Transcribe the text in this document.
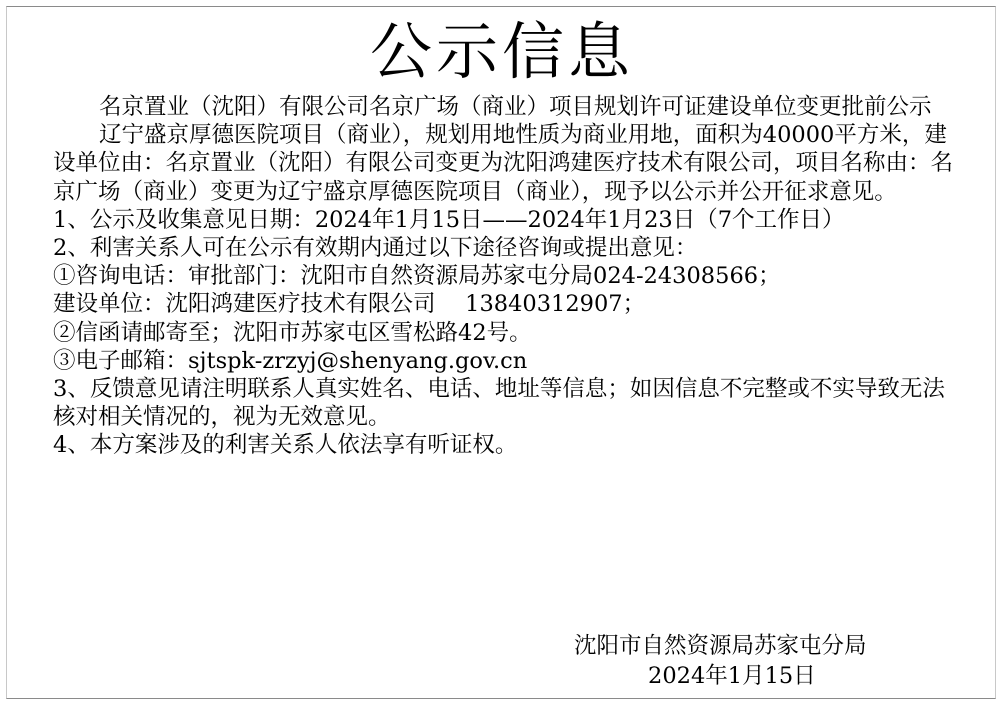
公示信息

名京置业（沈阳）有限公司名京广场（商业）项目规划许可证建设单位变更批前公示

辽宁盛京厚德医院项目（商业），规划用地性质为商业用地，面积为40000平方米，建设单位由：名京置业（沈阳）有限公司变更为沈阳鸿建医疗技术有限公司，项目名称由：名京广场（商业）变更为辽宁盛京厚德医院项目（商业），现予以公示并公开征求意见。

1、公示及收集意见日期：2024年1月15日——2024年1月23日（7个工作日）

2、利害关系人可在公示有效期内通过以下途径咨询或提出意见：

①咨询电话：审批部门：沈阳市自然资源局苏家屯分局024-24308566；

建设单位：沈阳鸿建医疗技术有限公司　 13840312907；

②信函请邮寄至；沈阳市苏家屯区雪松路42号。

③电子邮箱：sjtspk-zrzyj@shenyang.gov.cn

3、反馈意见请注明联系人真实姓名、电话、地址等信息；如因信息不完整或不实导致无法核对相关情况的，视为无效意见。

4、本方案涉及的利害关系人依法享有听证权。

沈阳市自然资源局苏家屯分局
2024年1月15日
